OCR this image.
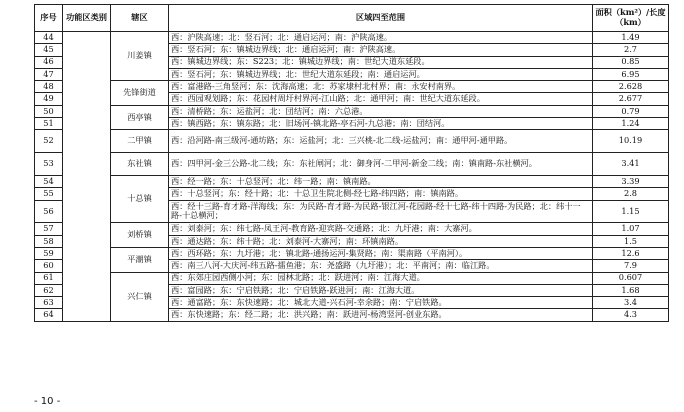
序号	功能区类别	辖区	区域四至范围	面积（km²）/长度（km）
44		川姜镇	西：沪陕高速；北：竖石河；北：通启运河；南：沪陕高速。	1.49
45			西：竖石河；东：镇城边界线；北：通启运河；南：沪陕高速。	2.7
46			西：镇城边界线；东：S223；北：镇城边界线；南：世纪大道东延段。	0.85
47			西：竖石河；东：镇城边界线；北：世纪大道东延段；南：通启运河。	6.95
48		先锋街道	西：富港路-三角竖河；东：沈海高速；北：苏家埭村北村界；南：永安村南界。	2.628
49			西：西园观划路；东：花园村周圩村界河-江山路；北：通甲河；南：世纪大道东延段。	2.677
50		西亭镇	西：清桥路；东：运盐河；北：団结河；南：六总港。	0.79
51			西：镇西路；东：镇东路；北：旧场河-镇北路-亭石河-九总港；南：団结河。	1.24
52		二甲镇	西：沿河路-南三级河-通坊路；东：运盐河；北：三兴桃-北二线-运盐河；南：通甲河-通甲路。	10.19
53		东社镇	西：四甲河-金三公路-北二线；东：东社闸河；北：御身河-二甲河-新金二线；南：镇南路-东社横河。	3.41
54		十总镇	西：经一路；东：十总竖河；北：纬一路；南：镇南路。	3.39
55			西：十总竖河；东：经十路；北：十总卫生院北侧-经七路-纬四路；南：镇南路。	2.8
56			西：经十三路-育才路-洋海线；东：为民路-育才路-为民路-银江河-花园路-经十七路-纬十四路-为民路；北：纬十一路-十总横河；	1.15
57		刘桥镇	西：刘泰河；东：纬七路-凤王河-教育路-迎宾路-交通路；北：九圩港；南：大寨河。	1.07
58			西：通达路；东：纬十路；北：刘泰河-大寨河；南：环镇南路。	1.5
59		平潮镇	西：西环路；东：九圩港；北：镇北路-通扬运河-集贤路；南：渠南路（平南河）。	12.6
60			西：南三八河-大庆河-纬五路-擂鱼港；东：尧盛路（九圩港）；北：平南河；南：临江路。	7.9
61		兴仁镇	西：东郊庄园西侧小河；东：园林北路；北：跃进河；南：江海大道。	0.607
62			西：富园路；东：宁启铁路；北：宁启铁路-跃进河；南：江海大道。	1.68
63			西：通富路；东：东快速路；北：城北大道-兴石河-幸余路；南：宁启铁路。	3.4
64			西：东快速路；东：经二路；北：洪兴路；南：跃进河-杨湾竖河-创业东路。	4.3
- 10 -
